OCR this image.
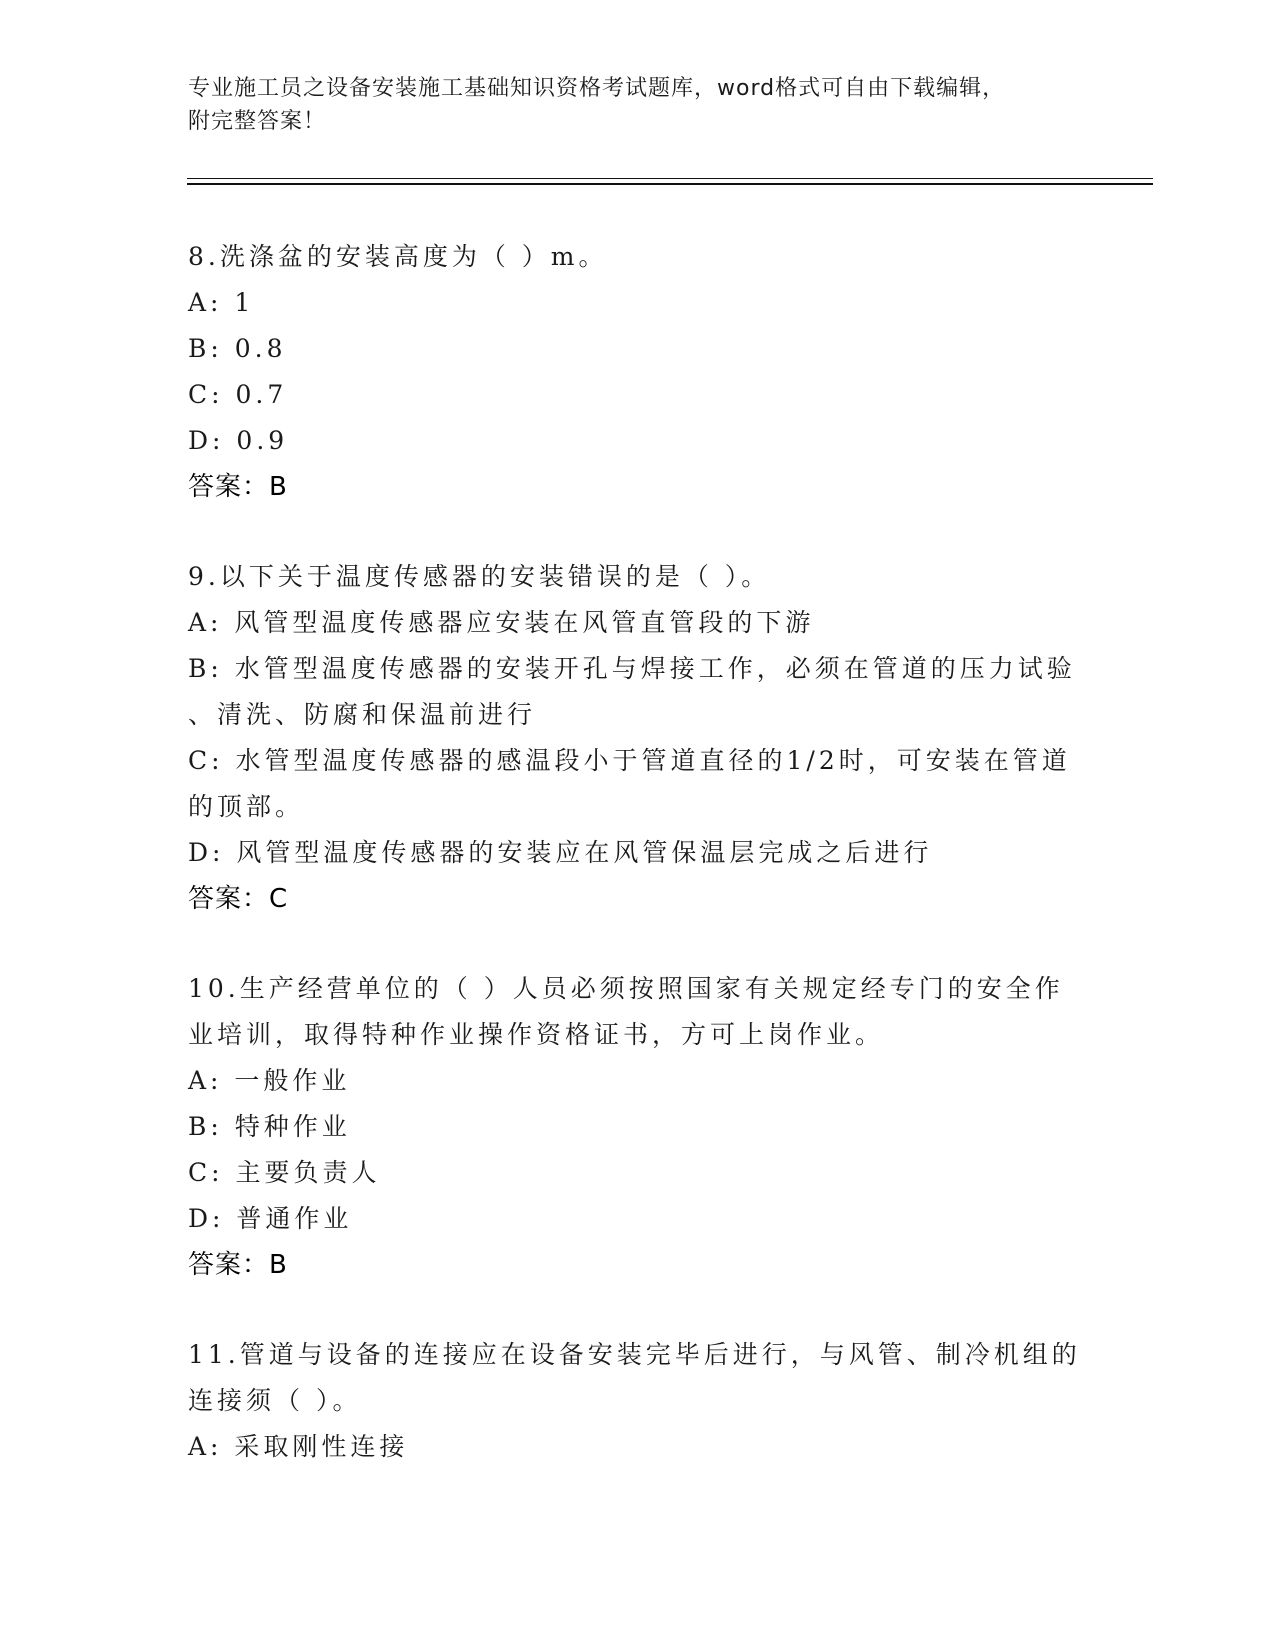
专业施工员之设备安装施工基础知识资格考试题库，word格式可自由下载编辑，
附完整答案！
8.洗涤盆的安装高度为（ ）m。
A: 1
B: 0.8
C: 0.7
D: 0.9
答案：B
9.以下关于温度传感器的安装错误的是（ ）。
A: 风管型温度传感器应安装在风管直管段的下游
B: 水管型温度传感器的安装开孔与焊接工作，必须在管道的压力试验
、清洗、防腐和保温前进行
C: 水管型温度传感器的感温段小于管道直径的1/2时，可安装在管道
的顶部。
D: 风管型温度传感器的安装应在风管保温层完成之后进行
答案：C
10.生产经营单位的（ ）人员必须按照国家有关规定经专门的安全作
业培训，取得特种作业操作资格证书，方可上岗作业。
A: 一般作业
B: 特种作业
C: 主要负责人
D: 普通作业
答案：B
11.管道与设备的连接应在设备安装完毕后进行，与风管、制冷机组的
连接须（ ）。
A: 采取刚性连接
